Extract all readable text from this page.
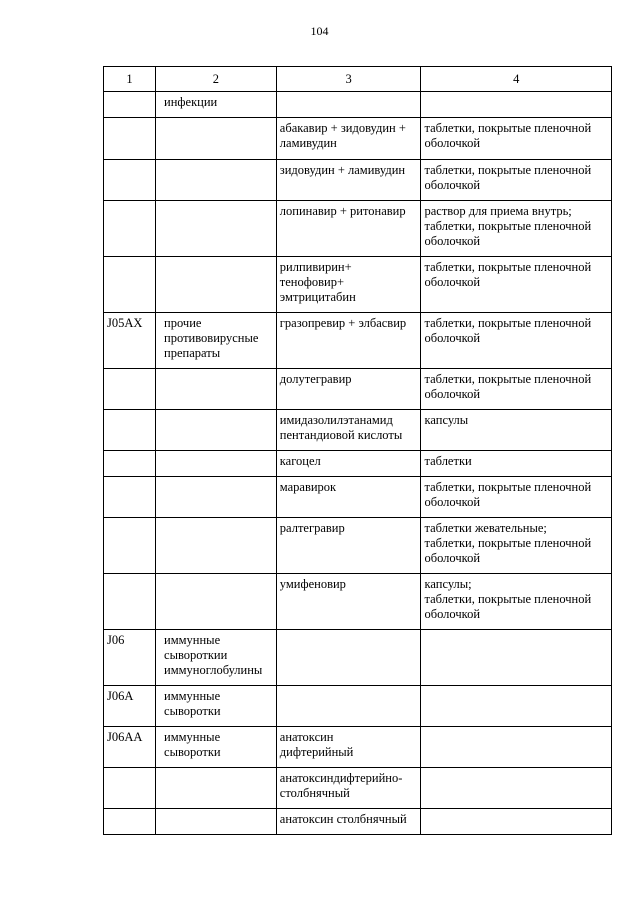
104
1	2	3	4

	инфекции		

		абакавир + зидовудин +
ламивудин	таблетки, покрытые пленочной
оболочкой

		зидовудин + ламивудин	таблетки, покрытые пленочной
оболочкой

		лопинавир + ритонавир	раствор для приема внутрь;
таблетки, покрытые пленочной
оболочкой

		рилпивирин+
тенофовир+
эмтрицитабин	таблетки, покрытые пленочной
оболочкой

J05AX	прочие
противовирусные
препараты	гразопревир + элбасвир	таблетки, покрытые пленочной
оболочкой

		долутегравир	таблетки, покрытые пленочной
оболочкой

		имидазолилэтанамид
пентандиовой кислоты	капсулы

		кагоцел	таблетки

		маравирок	таблетки, покрытые пленочной
оболочкой

		ралтегравир	таблетки жевательные;
таблетки, покрытые пленочной
оболочкой

		умифеновир	капсулы;
таблетки, покрытые пленочной
оболочкой

J06	иммунные
сывороткии
иммуноглобулины		

J06A	иммунные
сыворотки		

J06AA	иммунные
сыворотки	анатоксин
дифтерийный	

		анатоксиндифтерийно-
столбнячный	

		анатоксин столбнячный	
